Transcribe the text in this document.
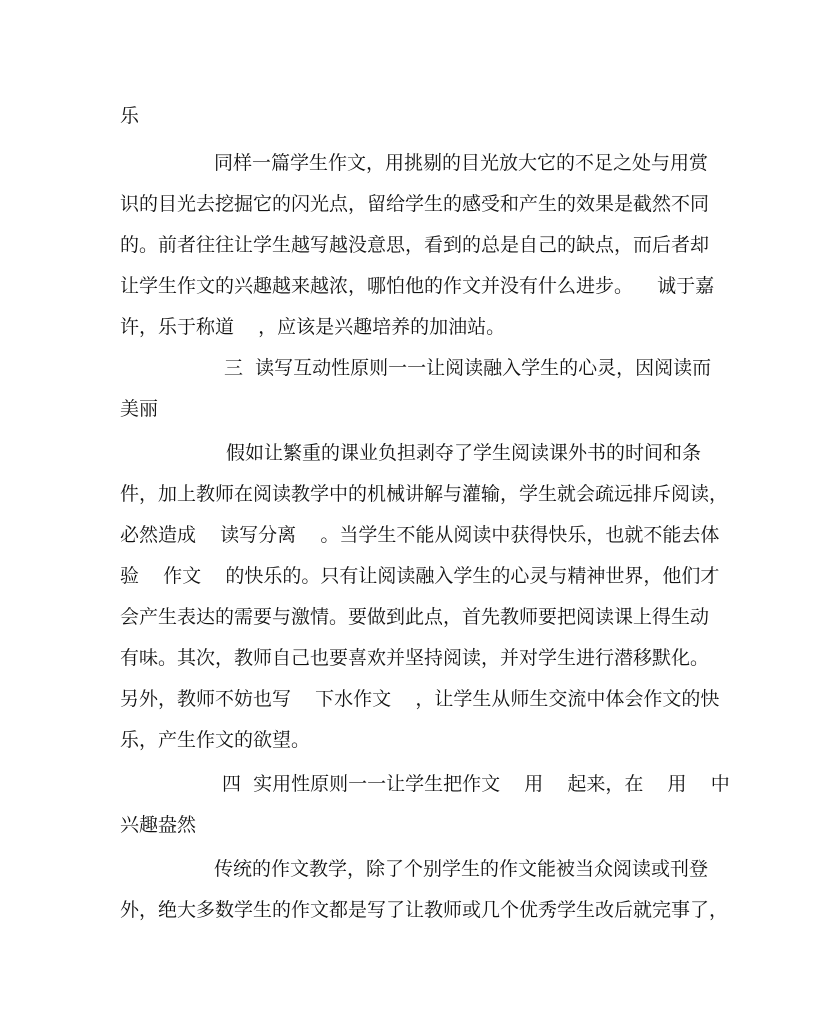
乐
同样一篇学生作文，用挑剔的目光放大它的不足之处与用赏
识的目光去挖掘它的闪光点，留给学生的感受和产生的效果是截然不同
的。前者往往让学生越写越没意思，看到的总是自己的缺点，而后者却
让学生作文的兴趣越来越浓，哪怕他的作文并没有什么进步。    诚于嘉
许，乐于称道    ，应该是兴趣培养的加油站。
三  读写互动性原则一一让阅读融入学生的心灵，因阅读而
美丽
假如让繁重的课业负担剥夺了学生阅读课外书的时间和条
件，加上教师在阅读教学中的机械讲解与灌输，学生就会疏远排斥阅读，
必然造成    读写分离    。当学生不能从阅读中获得快乐，也就不能去体
验    作文    的快乐的。只有让阅读融入学生的心灵与精神世界，他们才
会产生表达的需要与激情。要做到此点，首先教师要把阅读课上得生动
有味。其次，教师自己也要喜欢并坚持阅读，并对学生进行潜移默化。
另外，教师不妨也写    下水作文    ，让学生从师生交流中体会作文的快
乐，产生作文的欲望。
四  实用性原则一一让学生把作文    用    起来，在    用    中
兴趣盎然
传统的作文教学，除了个别学生的作文能被当众阅读或刊登
外，绝大多数学生的作文都是写了让教师或几个优秀学生改后就完事了，
